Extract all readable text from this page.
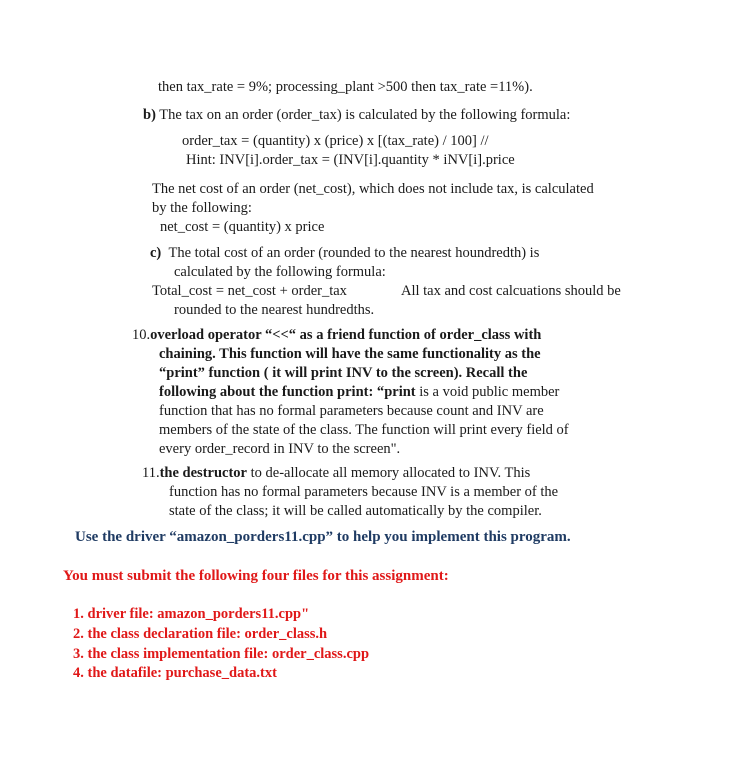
then tax_rate = 9%; processing_plant >500 then tax_rate =11%).
b) The tax on an order (order_tax) is calculated by the following formula:
order_tax = (quantity) x (price) x [(tax_rate) / 100] //
Hint: INV[i].order_tax = (INV[i].quantity * iNV[i].price
The net cost of an order (net_cost), which does not include tax, is calculated
by the following:
net_cost = (quantity) x price
c) The total cost of an order (rounded to the nearest houndredth) is
calculated by the following formula:
Total_cost = net_cost + order_tax	All tax and cost calcuations should be
rounded to the nearest hundredths.
10.overload operator “<<“ as a friend function of order_class with
chaining. This function will have the same functionality as the
“print” function ( it will print INV to the screen). Recall the
following about the function print: “print is a void public member
function that has no formal parameters because count and INV are
members of the state of the class. The function will print every field of
every order_record in INV to the screen".
11.the destructor to de-allocate all memory allocated to INV. This
function has no formal parameters because INV is a member of the
state of the class; it will be called automatically by the compiler.
Use the driver “amazon_porders11.cpp” to help you implement this program.
You must submit the following four files for this assignment:
1. driver file: amazon_porders11.cpp"
2. the class declaration file: order_class.h
3. the class implementation file: order_class.cpp
4. the datafile: purchase_data.txt
